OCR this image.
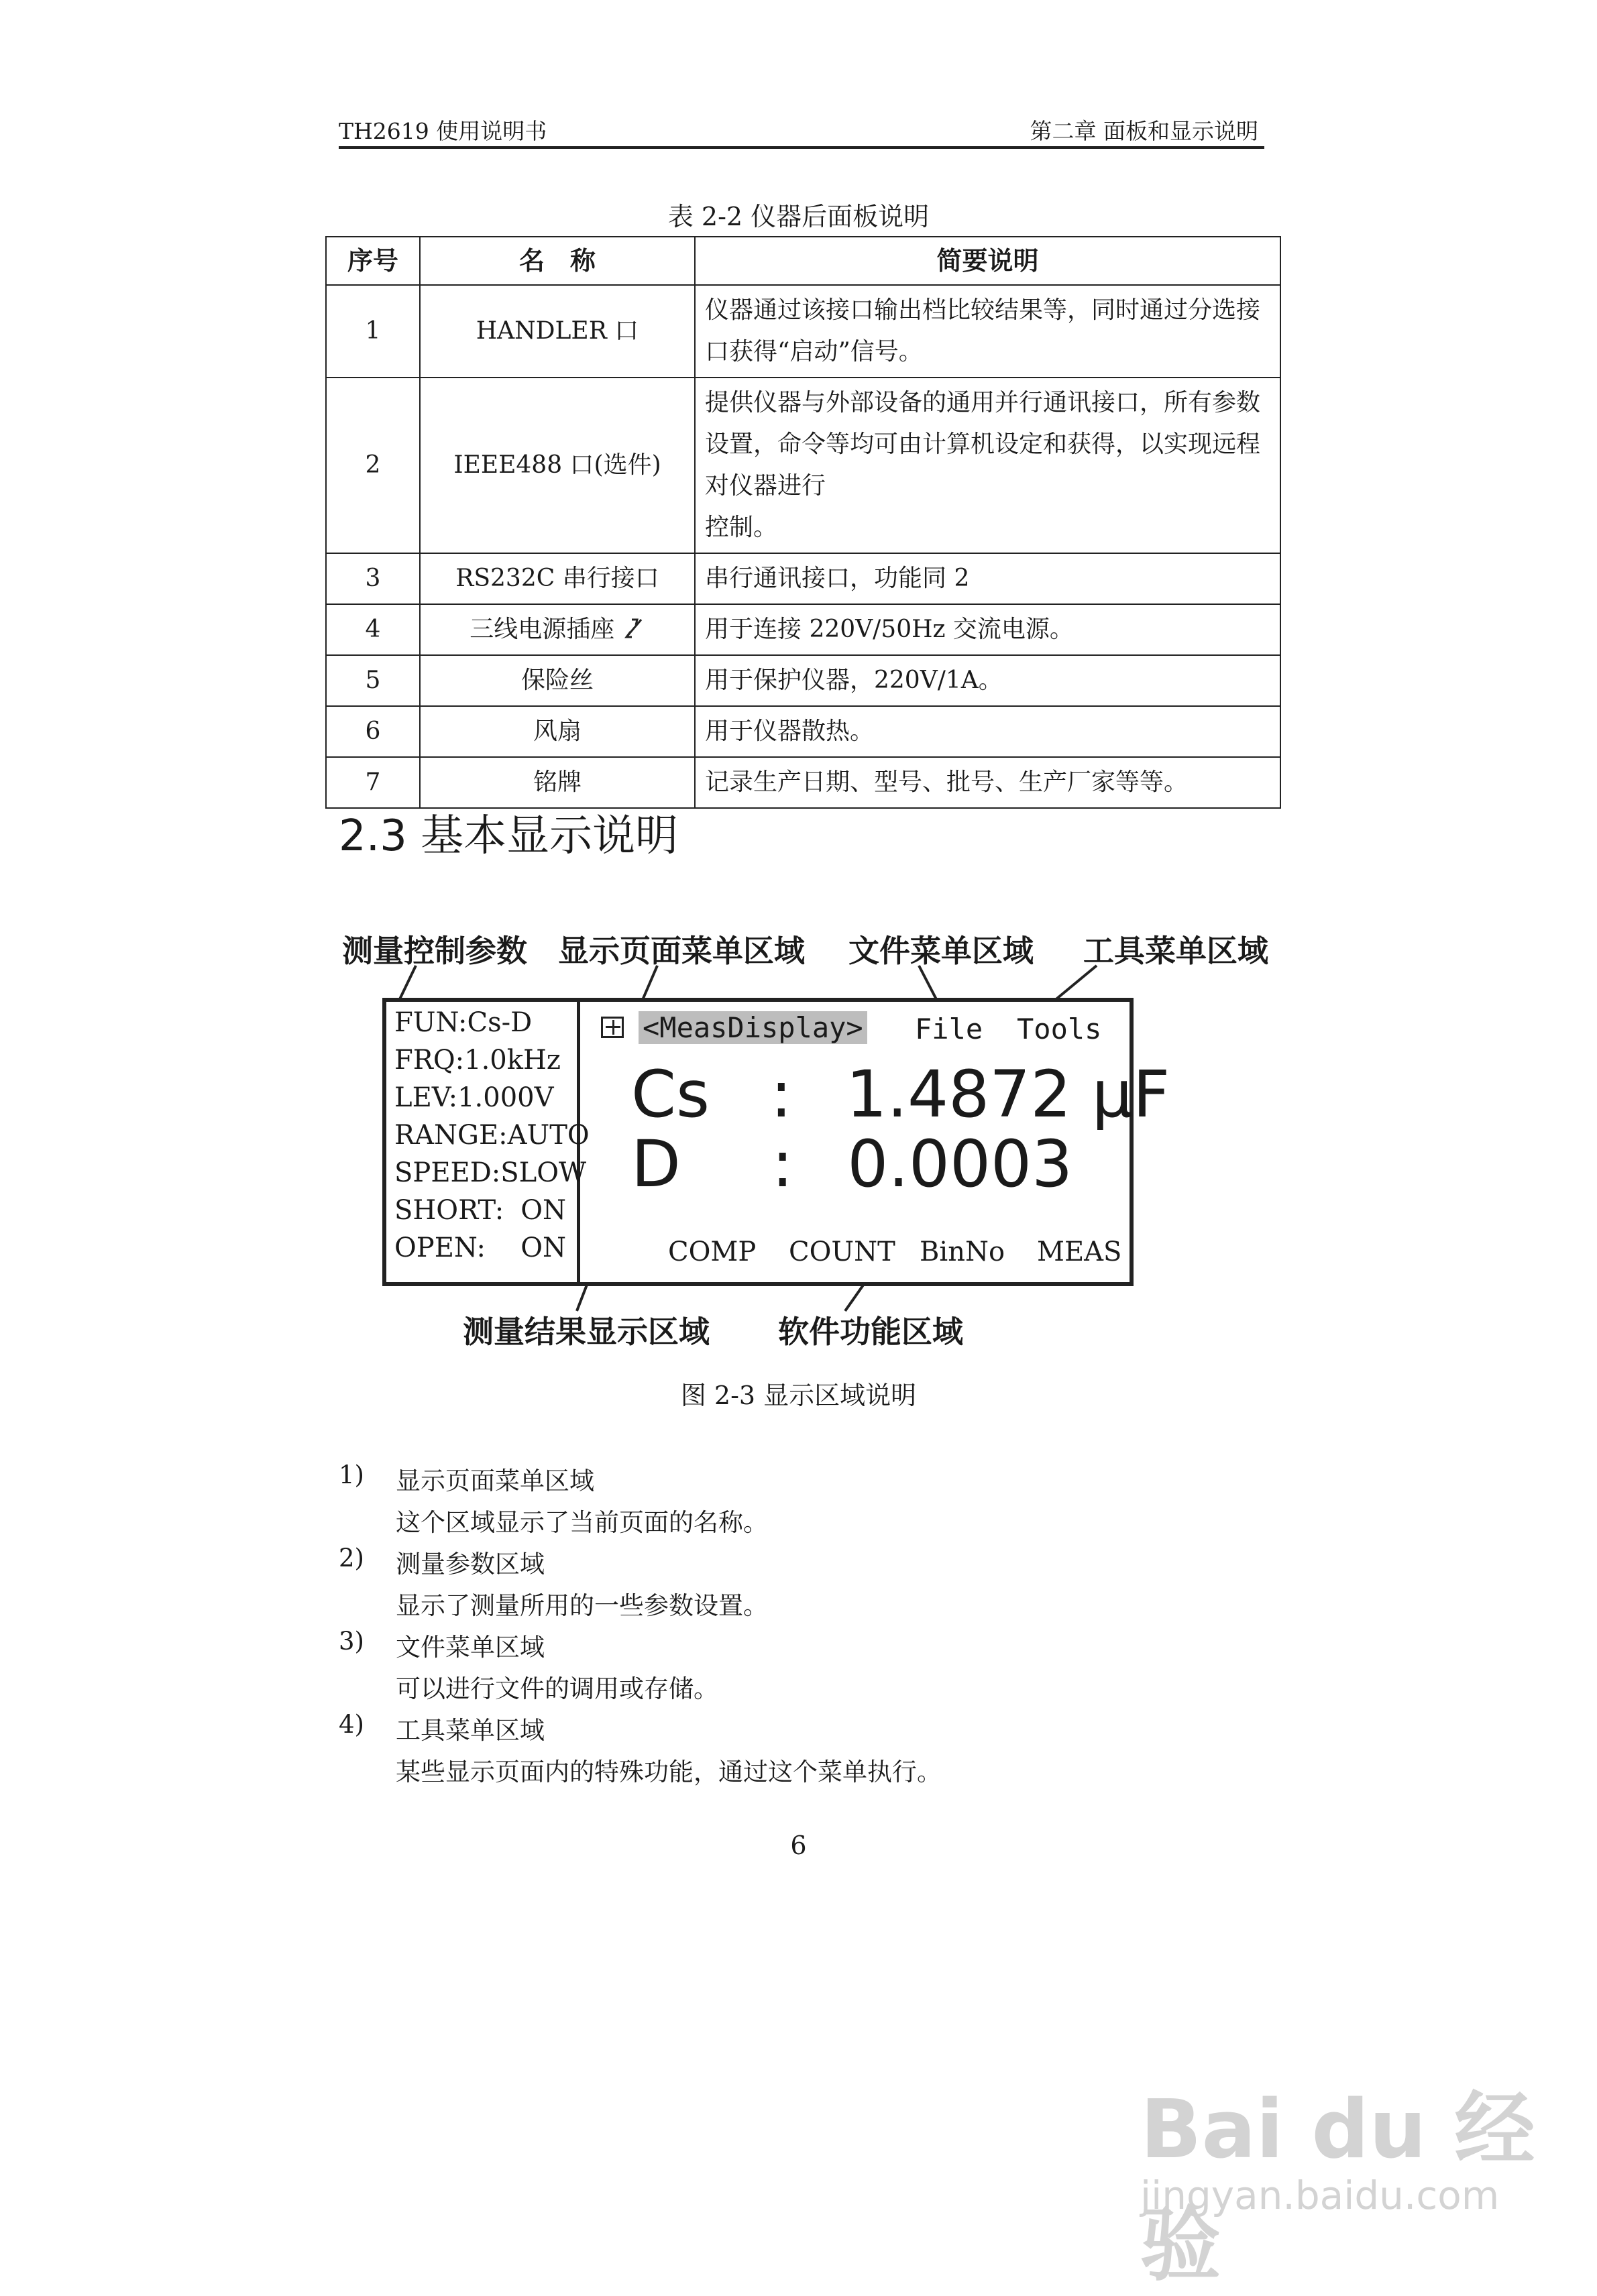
TH2619 使用说明书	第二章 面板和显示说明
表 2-2 仪器后面板说明
序号	名　称	简要说明
1	HANDLER 口	仪器通过该接口输出档比较结果等，同时通过分选接口获得“启动”信号。
2	IEEE488 口(选件)	提供仪器与外部设备的通用并行通讯接口，所有参数设置，命令等均可由计算机设定和获得，以实现远程对仪器进行
控制。
3	RS232C 串行接口	串行通讯接口，功能同 2
4	三线电源插座	用于连接 220V/50Hz 交流电源。
5	保险丝	用于保护仪器，220V/1A。
6	风扇	用于仪器散热。
7	铭牌	记录生产日期、型号、批号、生产厂家等等。
2.3 基本显示说明
测量控制参数 显示页面菜单区域 文件菜单区域 工具菜单区域
测量结果显示区域 软件功能区域
FUN:Cs-D
FRQ:1.0kHz
LEV:1.000V
RANGE:AUTO
SPEED:SLOW
SHORT: ON
OPEN: ON
<MeasDisplay> File Tools
Cs : 1.4872 μF
D : 0.0003
COMP COUNT BinNo MEAS
图 2-3 显示区域说明
1) 显示页面菜单区域
这个区域显示了当前页面的名称。
2) 测量参数区域
显示了测量所用的一些参数设置。
3) 文件菜单区域
可以进行文件的调用或存储。
4) 工具菜单区域
某些显示页面内的特殊功能，通过这个菜单执行。
6
Bai du 经验
jingyan.baidu.com
